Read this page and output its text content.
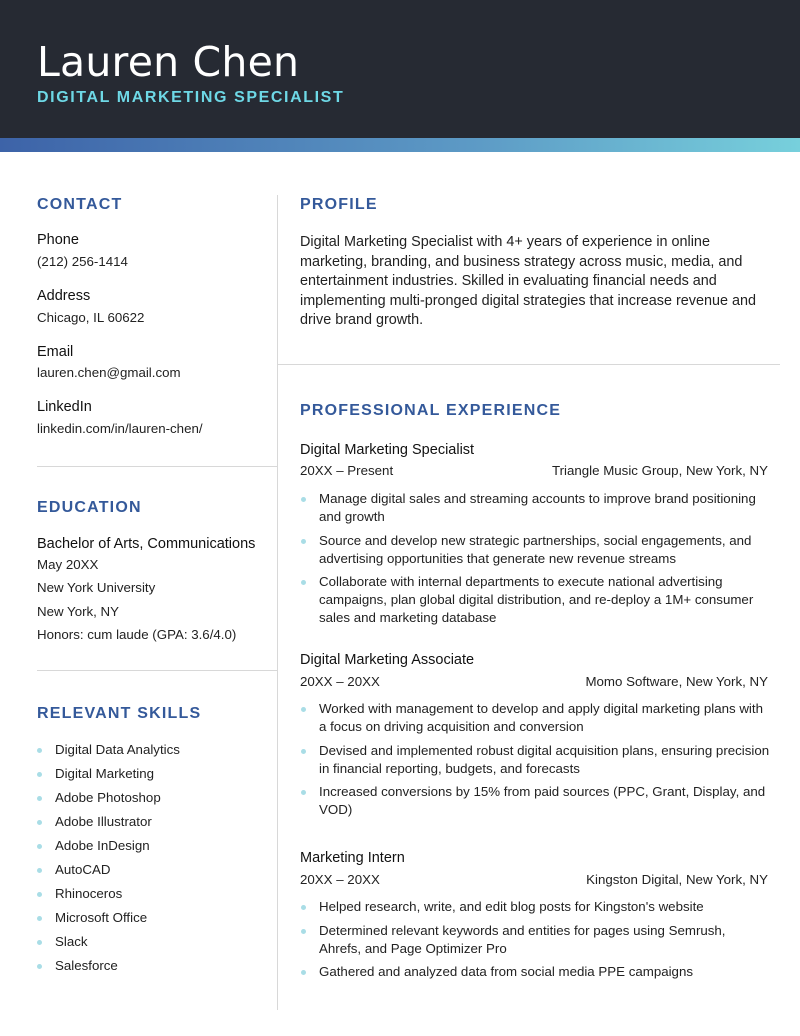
Lauren Chen
DIGITAL MARKETING SPECIALIST
CONTACT
Phone
(212) 256-1414
Address
Chicago, IL 60622
Email
lauren.chen@gmail.com
LinkedIn
linkedin.com/in/lauren-chen/
EDUCATION
Bachelor of Arts, Communications
May 20XX
New York University
New York, NY
Honors: cum laude (GPA: 3.6/4.0)
RELEVANT SKILLS
Digital Data Analytics
Digital Marketing
Adobe Photoshop
Adobe Illustrator
Adobe InDesign
AutoCAD
Rhinoceros
Microsoft Office
Slack
Salesforce
PROFILE
Digital Marketing Specialist with 4+ years of experience in online marketing, branding, and business strategy across music, media, and entertainment industries. Skilled in evaluating financial needs and implementing multi-pronged digital strategies that increase revenue and drive brand growth.
PROFESSIONAL EXPERIENCE
Digital Marketing Specialist
20XX – Present	Triangle Music Group, New York, NY
Manage digital sales and streaming accounts to improve brand positioning and growth
Source and develop new strategic partnerships, social engagements, and advertising opportunities that generate new revenue streams
Collaborate with internal departments to execute national advertising campaigns, plan global digital distribution, and re-deploy a 1M+ consumer sales and marketing database
Digital Marketing Associate
20XX – 20XX	Momo Software, New York, NY
Worked with management to develop and apply digital marketing plans with a focus on driving acquisition and conversion
Devised and implemented robust digital acquisition plans, ensuring precision in financial reporting, budgets, and forecasts
Increased conversions by 15% from paid sources (PPC, Grant, Display, and VOD)
Marketing Intern
20XX – 20XX	Kingston Digital, New York, NY
Helped research, write, and edit blog posts for Kingston's website
Determined relevant keywords and entities for pages using Semrush, Ahrefs, and Page Optimizer Pro
Gathered and analyzed data from social media PPE campaigns
